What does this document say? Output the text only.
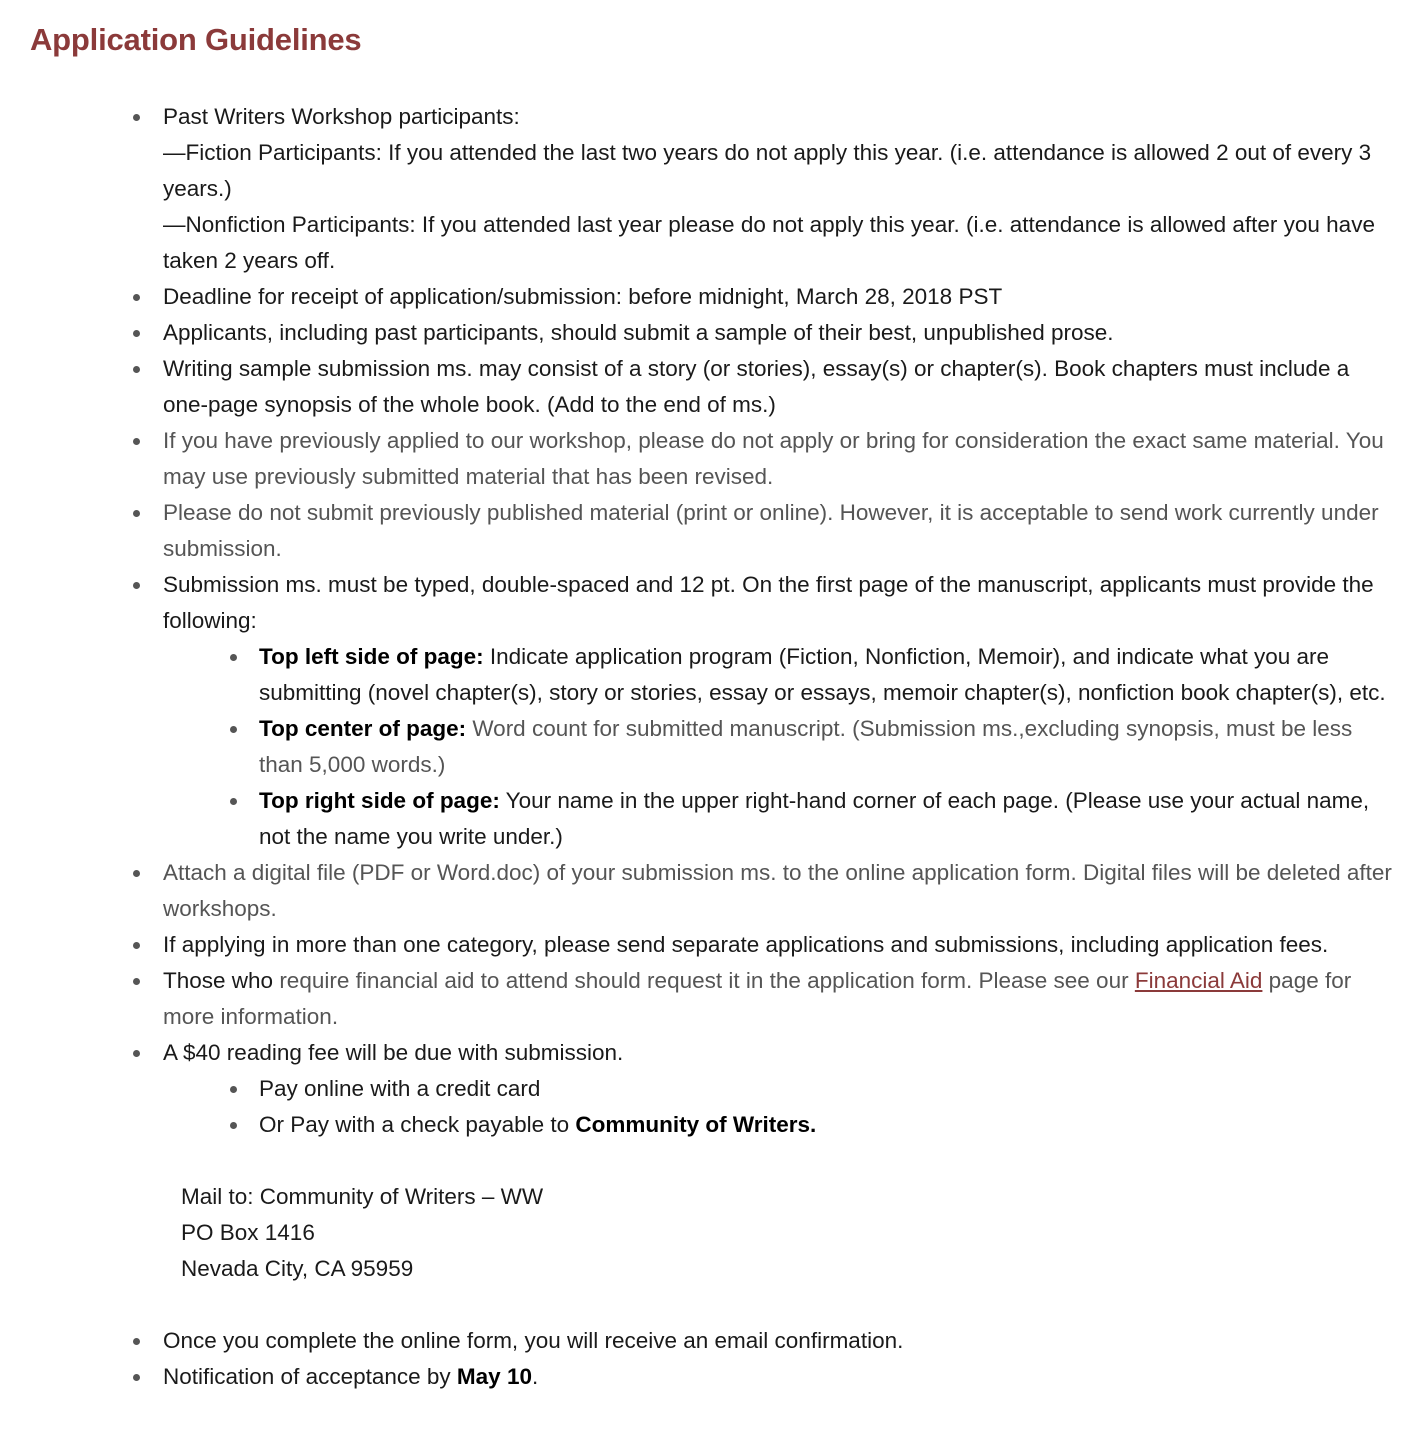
Application Guidelines
Past Writers Workshop participants:
—Fiction Participants: If you attended the last two years do not apply this year. (i.e. attendance is allowed 2 out of every 3 years.)
—Nonfiction Participants: If you attended last year please do not apply this year. (i.e. attendance is allowed after you have taken 2 years off.
Deadline for receipt of application/submission: before midnight, March 28, 2018 PST
Applicants, including past participants, should submit a sample of their best, unpublished prose.
Writing sample submission ms. may consist of a story (or stories), essay(s) or chapter(s). Book chapters must include a one-page synopsis of the whole book. (Add to the end of ms.)
If you have previously applied to our workshop, please do not apply or bring for consideration the exact same material. You may use previously submitted material that has been revised.
Please do not submit previously published material (print or online). However, it is acceptable to send work currently under submission.
Submission ms. must be typed, double-spaced and 12 pt. On the first page of the manuscript, applicants must provide the following:
Top left side of page: Indicate application program (Fiction, Nonfiction, Memoir), and indicate what you are submitting (novel chapter(s), story or stories, essay or essays, memoir chapter(s), nonfiction book chapter(s), etc.
Top center of page: Word count for submitted manuscript. (Submission ms.,excluding synopsis, must be less than 5,000 words.)
Top right side of page: Your name in the upper right-hand corner of each page. (Please use your actual name, not the name you write under.)
Attach a digital file (PDF or Word.doc) of your submission ms. to the online application form. Digital files will be deleted after workshops.
If applying in more than one category, please send separate applications and submissions, including application fees.
Those who require financial aid to attend should request it in the application form. Please see our Financial Aid page for more information.
A $40 reading fee will be due with submission.
Pay online with a credit card
Or Pay with a check payable to Community of Writers.
Mail to: Community of Writers – WW
PO Box 1416
Nevada City, CA 95959
Once you complete the online form, you will receive an email confirmation.
Notification of acceptance by May 10.
